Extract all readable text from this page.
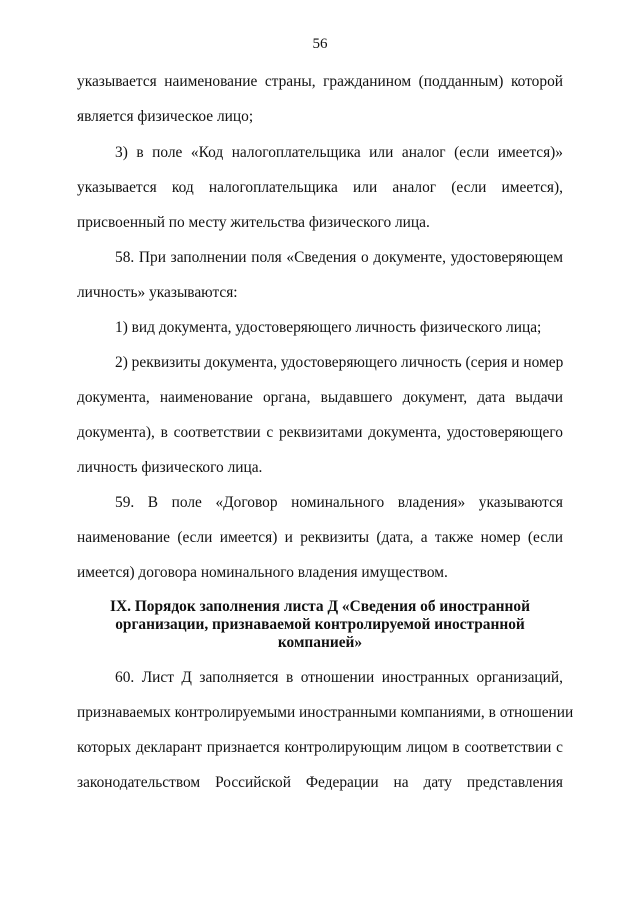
56
указывается наименование страны, гражданином (подданным) которой
является физическое лицо;
3) в поле «Код налогоплательщика или аналог (если имеется)»
указывается код налогоплательщика или аналог (если имеется),
присвоенный по месту жительства физического лица.
58. При заполнении поля «Сведения о документе, удостоверяющем
личность» указываются:
1) вид документа, удостоверяющего личность физического лица;
2) реквизиты документа, удостоверяющего личность (серия и номер
документа, наименование органа, выдавшего документ, дата выдачи
документа), в соответствии с реквизитами документа, удостоверяющего
личность физического лица.
59. В поле «Договор номинального владения» указываются
наименование (если имеется) и реквизиты (дата, а также номер (если
имеется) договора номинального владения имуществом.
IX. Порядок заполнения листа Д «Сведения об иностранной
организации, признаваемой контролируемой иностранной
компанией»
60. Лист Д заполняется в отношении иностранных организаций,
признаваемых контролируемыми иностранными компаниями, в отношении
которых декларант признается контролирующим лицом в соответствии с
законодательством Российской Федерации на дату представления
